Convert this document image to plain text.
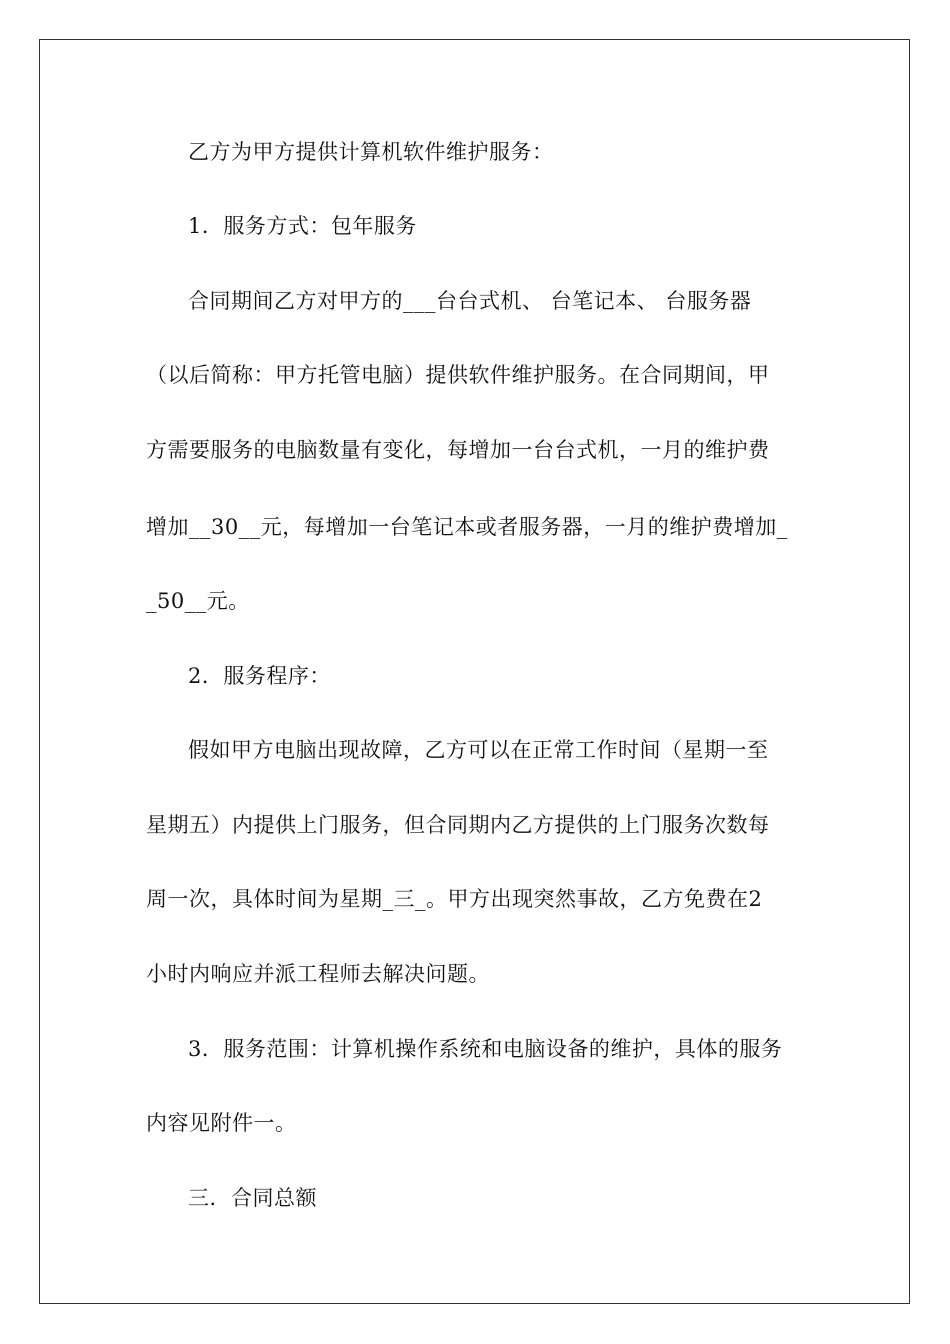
乙方为甲方提供计算机软件维护服务：
1．服务方式：包年服务
合同期间乙方对甲方的___台台式机、 台笔记本、 台服务器
（以后简称：甲方托管电脑）提供软件维护服务。在合同期间，甲
方需要服务的电脑数量有变化，每增加一台台式机，一月的维护费
增加__30__元，每增加一台笔记本或者服务器，一月的维护费增加_
_50__元。
2．服务程序：
假如甲方电脑出现故障，乙方可以在正常工作时间（星期一至
星期五）内提供上门服务，但合同期内乙方提供的上门服务次数每
周一次，具体时间为星期_三_。甲方出现突然事故，乙方免费在2
小时内响应并派工程师去解决问题。
3．服务范围：计算机操作系统和电脑设备的维护，具体的服务
内容见附件一。
三．合同总额
